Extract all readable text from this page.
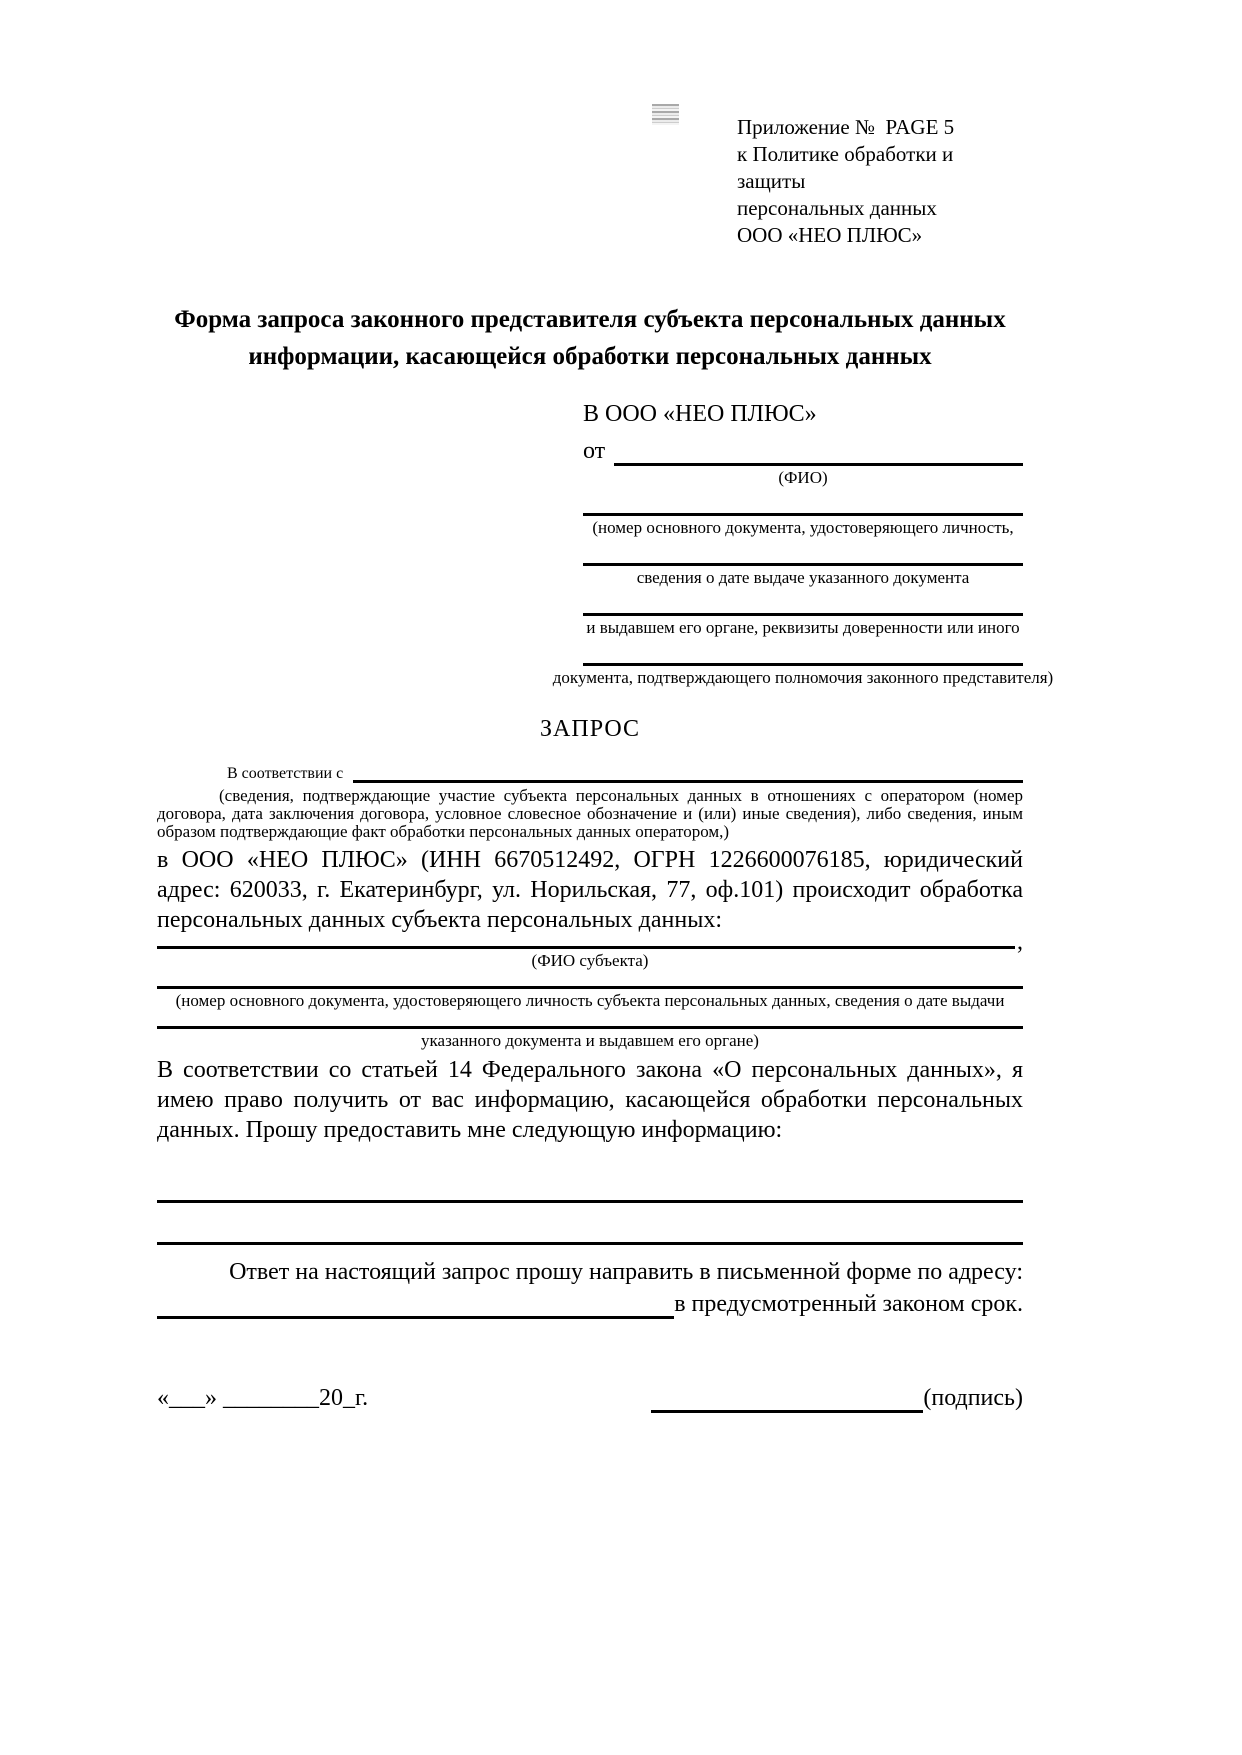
Приложение №  PAGE 5
к Политике обработки и защиты
персональных данных
ООО «НЕО ПЛЮС»
Форма запроса законного представителя субъекта персональных данных
информации, касающейся обработки персональных данных
В ООО «НЕО ПЛЮС»
от
(ФИО)
(номер основного документа, удостоверяющего личность,
сведения о дате выдаче указанного документа
и выдавшем его органе, реквизиты доверенности или иного
документа, подтверждающего полномочия законного представителя)
ЗАПРОС
В соответствии с
(сведения, подтверждающие участие субъекта персональных данных в отношениях с оператором (номер договора, дата заключения договора, условное словесное обозначение и (или) иные сведения), либо сведения, иным образом подтверждающие факт обработки персональных данных оператором,)
в ООО «НЕО ПЛЮС» (ИНН 6670512492, ОГРН 1226600076185, юридический адрес: 620033, г. Екатеринбург, ул. Норильская, 77, оф.101) происходит обработка персональных данных субъекта персональных данных:
,
(ФИО субъекта)
(номер основного документа, удостоверяющего личность субъекта персональных данных, сведения о дате выдачи
указанного документа и выдавшем его органе)
В соответствии со статьей 14 Федерального закона «О персональных данных», я имею право получить от вас информацию, касающейся обработки персональных данных. Прошу предоставить мне следующую информацию:
Ответ на настоящий запрос прошу направить в письменной форме по адресу:
в предусмотренный законом срок.
«___» ________20_г.	(подпись)
